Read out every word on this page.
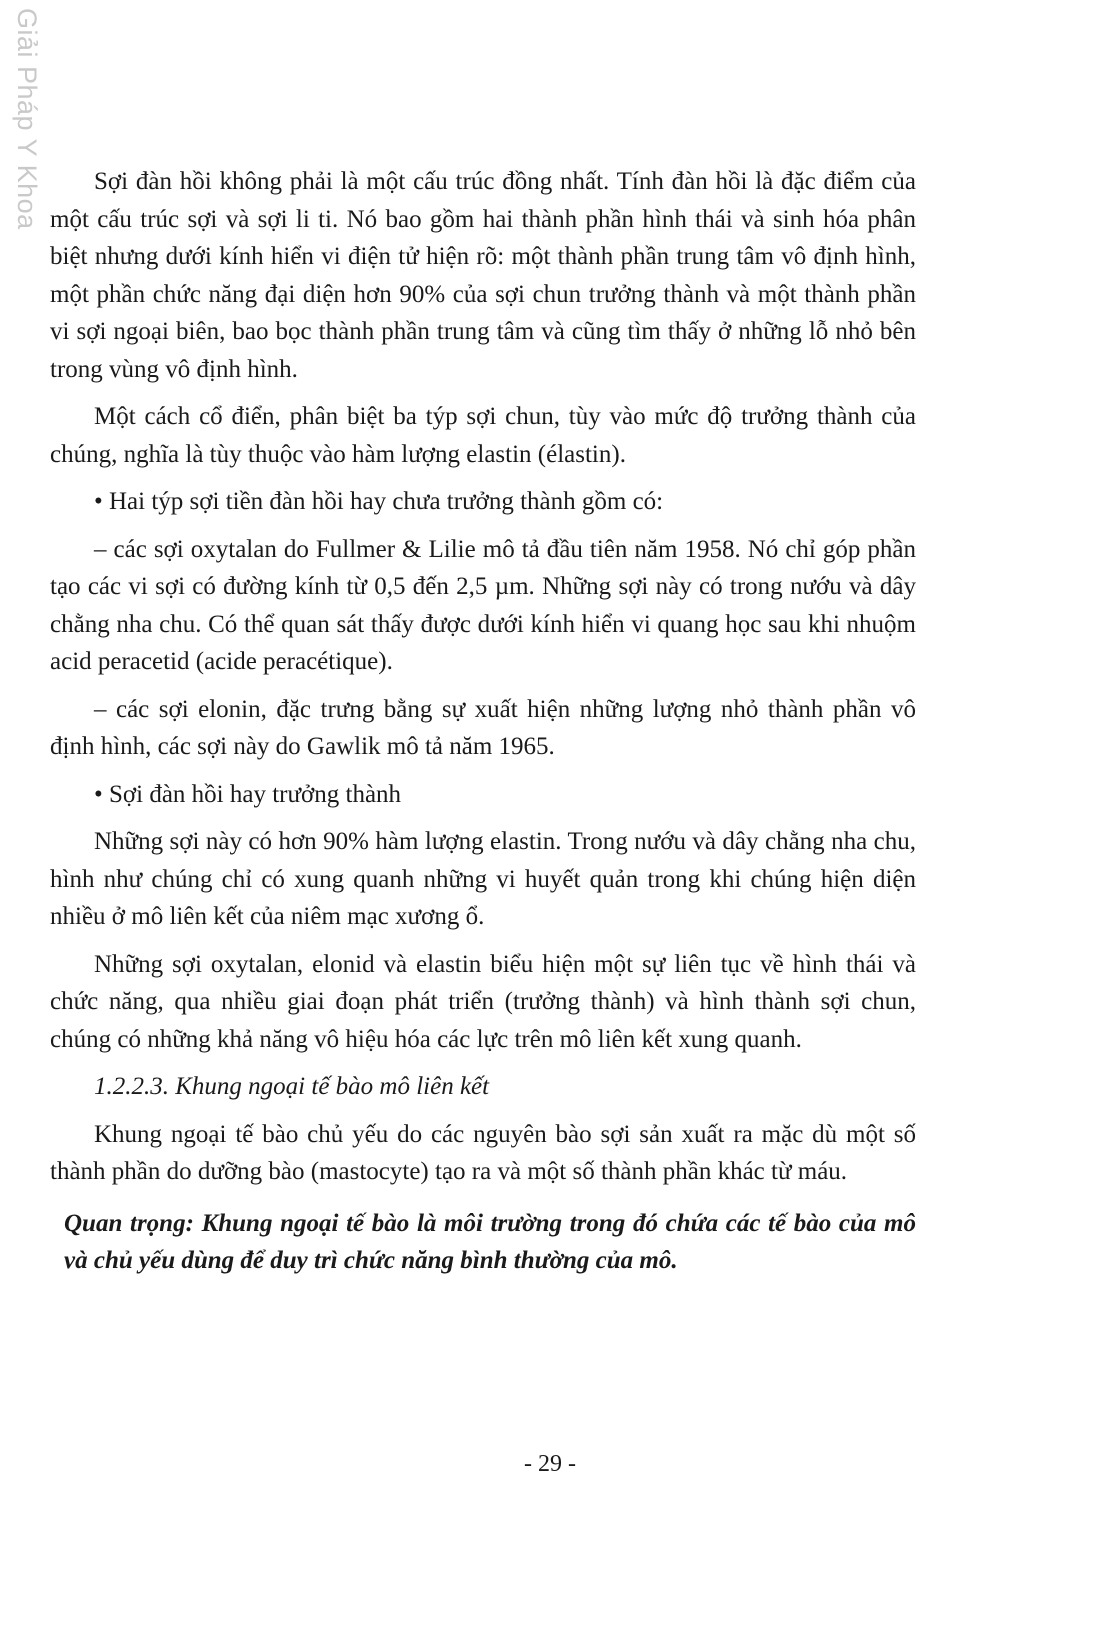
Giải Pháp Y Khoa	Sợi đàn hồi không phải là một cấu trúc đồng nhất. Tính đàn hồi là đặc điểm của một cấu trúc sợi và sợi li ti. Nó bao gồm hai thành phần hình thái và sinh hóa phân biệt nhưng dưới kính hiển vi điện tử hiện rõ: một thành phần trung tâm vô định hình, một phần chức năng đại diện hơn 90% của sợi chun trưởng thành và một thành phần vi sợi ngoại biên, bao bọc thành phần trung tâm và cũng tìm thấy ở những lỗ nhỏ bên trong vùng vô định hình.

Một cách cổ điển, phân biệt ba týp sợi chun, tùy vào mức độ trưởng thành của chúng, nghĩa là tùy thuộc vào hàm lượng elastin (élastin).

• Hai týp sợi tiền đàn hồi hay chưa trưởng thành gồm có:

– các sợi oxytalan do Fullmer & Lilie mô tả đầu tiên năm 1958. Nó chỉ góp phần tạo các vi sợi có đường kính từ 0,5 đến 2,5 µm. Những sợi này có trong nướu và dây chằng nha chu. Có thể quan sát thấy được dưới kính hiển vi quang học sau khi nhuộm acid peracetid (acide peracétique).

– các sợi elonin, đặc trưng bằng sự xuất hiện những lượng nhỏ thành phần vô định hình, các sợi này do Gawlik mô tả năm 1965.

• Sợi đàn hồi hay trưởng thành

Những sợi này có hơn 90% hàm lượng elastin. Trong nướu và dây chằng nha chu, hình như chúng chỉ có xung quanh những vi huyết quản trong khi chúng hiện diện nhiều ở mô liên kết của niêm mạc xương ổ.

Những sợi oxytalan, elonid và elastin biểu hiện một sự liên tục về hình thái và chức năng, qua nhiều giai đoạn phát triển (trưởng thành) và hình thành sợi chun, chúng có những khả năng vô hiệu hóa các lực trên mô liên kết xung quanh.

1.2.2.3. Khung ngoại tế bào mô liên kết

Khung ngoại tế bào chủ yếu do các nguyên bào sợi sản xuất ra mặc dù một số thành phần do dưỡng bào (mastocyte) tạo ra và một số thành phần khác từ máu.

Quan trọng: Khung ngoại tế bào là môi trường trong đó chứa các tế bào của mô và chủ yếu dùng để duy trì chức năng bình thường của mô.

- 29 -
